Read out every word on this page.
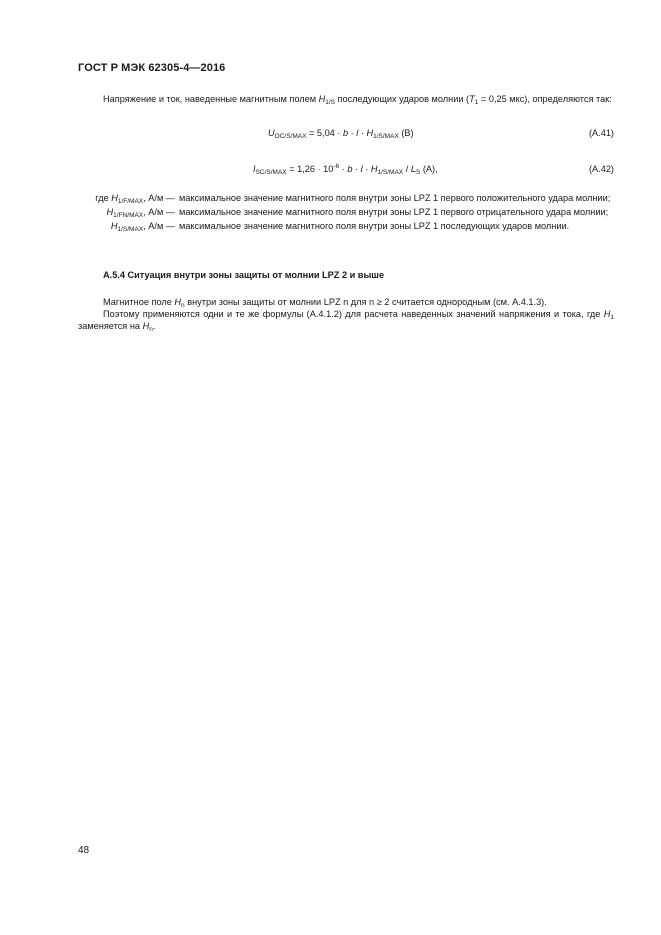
ГОСТ Р МЭК 62305-4—2016
Напряжение и ток, наведенные магнитным полем $H_{1/S}$ последующих ударов молнии ($T_1 = 0,25$ мкс), определяются так:
$U_{OC/S/MAX} = 5,04 \cdot b \cdot l \cdot H_{1/S/MAX}$ (В)	(A.41)
$I_{SC/S/MAX} = 1,26 \cdot 10^{-6} \cdot b \cdot l \cdot H_{1/S/MAX} / L_S$ (А),	(A.42)
где $H_{1/F/MAX}$, А/м — максимальное значение магнитного поля внутри зоны LPZ 1 первого положительного удара молнии;
$H_{1/FN/MAX}$, А/м — максимальное значение магнитного поля внутри зоны LPZ 1 первого отрицательного удара молнии;
$H_{1/S/MAX}$, А/м — максимальное значение магнитного поля внутри зоны LPZ 1 последующих ударов молнии.
А.5.4 Ситуация внутри зоны защиты от молнии LPZ 2 и выше
Магнитное поле $H_n$ внутри зоны защиты от молнии LPZ n для n ≥ 2 считается однородным (см. А.4.1.3).
Поэтому применяются одни и те же формулы (А.4.1.2) для расчета наведенных значений напряжения и тока, где $H_1$ заменяется на $H_n$.
48
